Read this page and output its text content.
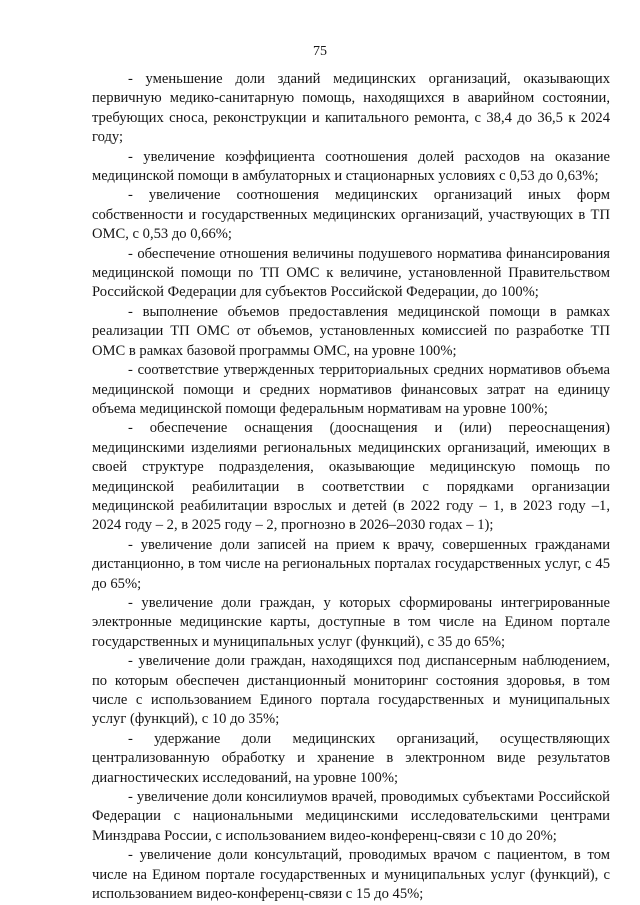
75

- уменьшение доли зданий медицинских организаций, оказывающих первичную медико-санитарную помощь, находящихся в аварийном состоянии, требующих сноса, реконструкции и капитального ремонта, с 38,4 до 36,5 к 2024 году;

- увеличение коэффициента соотношения долей расходов на оказание медицинской помощи в амбулаторных и стационарных условиях с 0,53 до 0,63%;

- увеличение соотношения медицинских организаций иных форм собственности и государственных медицинских организаций, участвующих в ТП ОМС, с 0,53 до 0,66%;

- обеспечение отношения величины подушевого норматива финансирования медицинской помощи по ТП ОМС к величине, установленной Правительством Российской Федерации для субъектов Российской Федерации, до 100%;

- выполнение объемов предоставления медицинской помощи в рамках реализации ТП ОМС от объемов, установленных комиссией по разработке ТП ОМС в рамках базовой программы ОМС, на уровне 100%;

- соответствие утвержденных территориальных средних нормативов объема медицинской помощи и средних нормативов финансовых затрат на единицу объема медицинской помощи федеральным нормативам на уровне 100%;

- обеспечение оснащения (дооснащения и (или) переоснащения) медицинскими изделиями региональных медицинских организаций, имеющих в своей структуре подразделения, оказывающие медицинскую помощь по медицинской реабилитации в соответствии с порядками организации медицинской реабилитации взрослых и детей (в 2022 году – 1, в 2023 году –1, 2024 году – 2, в 2025 году – 2, прогнозно в 2026–2030 годах – 1);

- увеличение доли записей на прием к врачу, совершенных гражданами дистанционно, в том числе на региональных порталах государственных услуг, с 45 до 65%;

- увеличение доли граждан, у которых сформированы интегрированные электронные медицинские карты, доступные в том числе на Едином портале государственных и муниципальных услуг (функций), с 35 до 65%;

- увеличение доли граждан, находящихся под диспансерным наблюдением, по которым обеспечен дистанционный мониторинг состояния здоровья, в том числе с использованием Единого портала государственных и муниципальных услуг (функций), с 10 до 35%;

- удержание доли медицинских организаций, осуществляющих централизованную обработку и хранение в электронном виде результатов диагностических исследований, на уровне 100%;

- увеличение доли консилиумов врачей, проводимых субъектами Российской Федерации с национальными медицинскими исследовательскими центрами Минздрава России, с использованием видео-конференц-связи с 10 до 20%;

- увеличение доли консультаций, проводимых врачом с пациентом, в том числе на Едином портале государственных и муниципальных услуг (функций), с использованием видео-конференц-связи с 15 до 45%;
